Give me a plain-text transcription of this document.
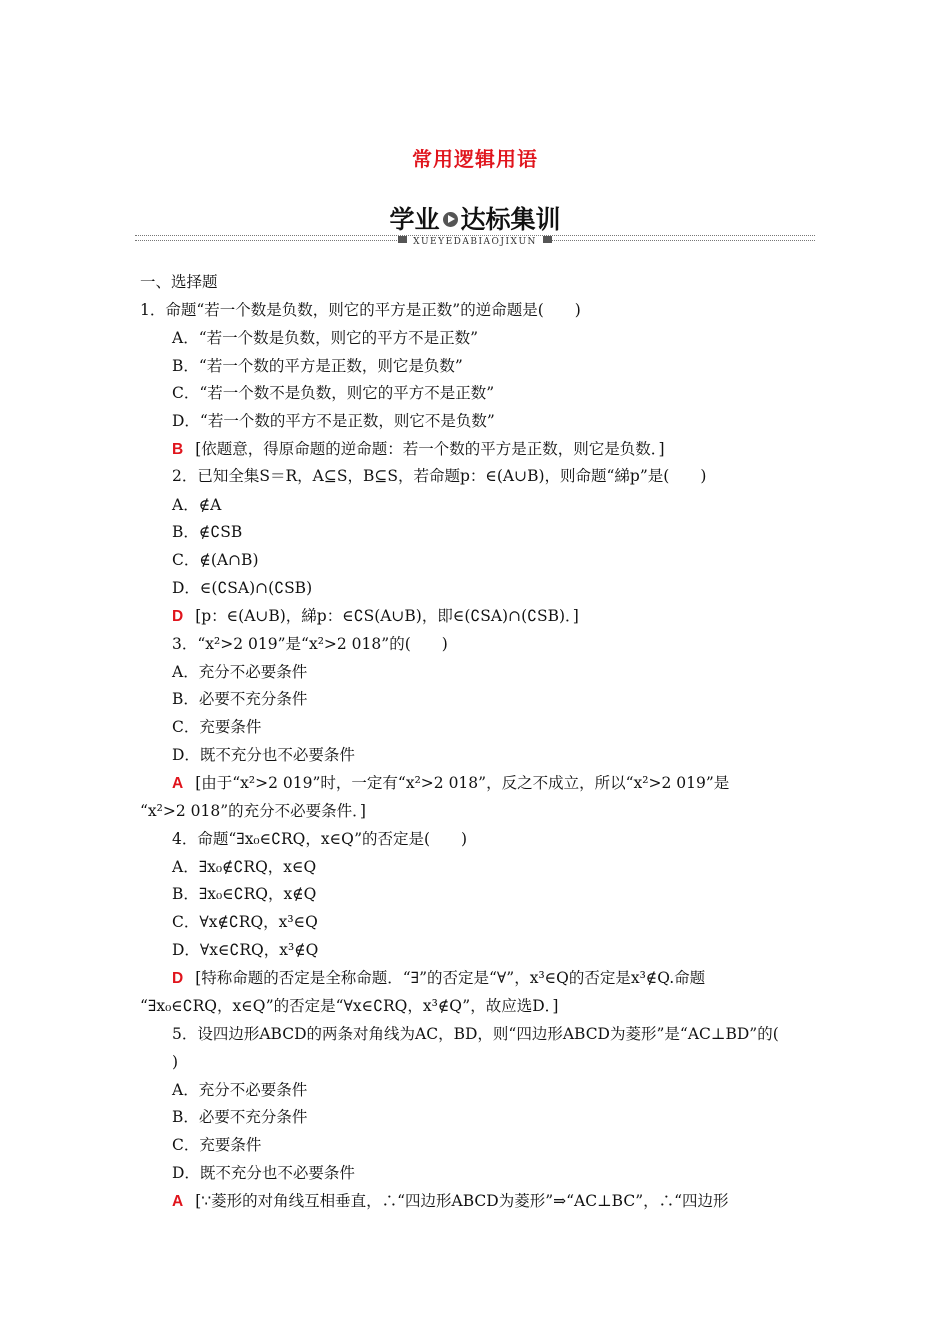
常用逻辑用语
学业 达标集训
XUEYEDABIAOJIXUN
一、选择题
1．命题“若一个数是负数，则它的平方是正数”的逆命题是(　　)
A．“若一个数是负数，则它的平方不是正数”
B．“若一个数的平方是正数，则它是负数”
C．“若一个数不是负数，则它的平方不是正数”
D．“若一个数的平方不是正数，则它不是负数”
B [依题意，得原命题的逆命题：若一个数的平方是正数，则它是负数．]
2．已知全集S＝R，A⊆S，B⊆S，若命题p：∈(A∪B)，则命题“綈p”是(　　)
A．∉A
B．∉∁SB
C．∉(A∩B)
D．∈(∁SA)∩(∁SB)
D [p：∈(A∪B)，綈p：∈∁S(A∪B)，即∈(∁SA)∩(∁SB)．]
3．“x²>2 019”是“x²>2 018”的(　　)
A．充分不必要条件
B．必要不充分条件
C．充要条件
D．既不充分也不必要条件
A [由于“x²>2 019”时，一定有“x²>2 018”，反之不成立，所以“x²>2 019”是
“x²>2 018”的充分不必要条件．]
4．命题“∃x₀∈∁RQ，x∈Q”的否定是(　　)
A．∃x₀∉∁RQ，x∈Q
B．∃x₀∈∁RQ，x∉Q
C．∀x∉∁RQ，x³∈Q
D．∀x∈∁RQ，x³∉Q
D [特称命题的否定是全称命题．“∃”的否定是“∀”，x³∈Q的否定是x³∉Q.命题
“∃x₀∈∁RQ，x∈Q”的否定是“∀x∈∁RQ，x³∉Q”，故应选D．]
5．设四边形ABCD的两条对角线为AC，BD，则“四边形ABCD为菱形”是“AC⊥BD”的(
)
A．充分不必要条件
B．必要不充分条件
C．充要条件
D．既不充分也不必要条件
A [∵菱形的对角线互相垂直，∴“四边形ABCD为菱形”⇒“AC⊥BC”，∴“四边形
